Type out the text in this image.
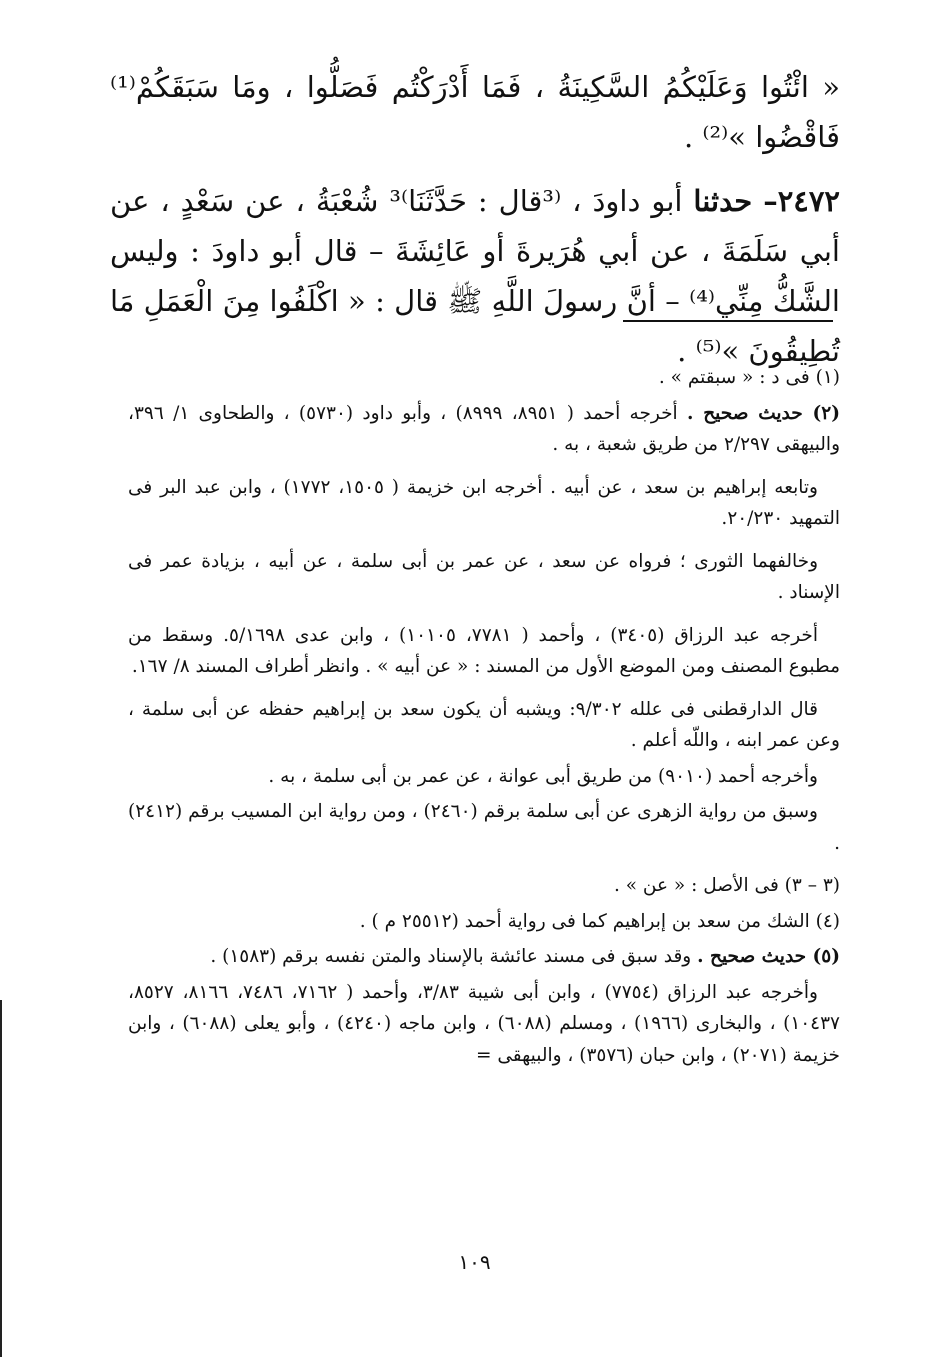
« ائْتُوا وَعَلَيْكُمُ السَّكِينَةُ ، فَمَا أَدْرَكْتُم فَصَلُّوا ، ومَا سَبَقَكُمْ⁽¹⁾ فَاقْضُوا »⁽²⁾ .

٢٤٧٢– حدثنا أبو داودَ ، ⁽³قال : حَدَّثَنَا⁾³ شُعْبَةُ ، عن سَعْدٍ ، عن أبي سَلَمَةَ ، عن أبي هُرَيرةَ أو عَائِشَةَ – قال أبو داودَ : وليس الشَّكُّ مِنِّي⁽⁴⁾ – أنَّ رسولَ اللَّهِ ﷺ قال : « اكْلَفُوا مِنَ الْعَمَلِ مَا تُطِيقُونَ »⁽⁵⁾ .

(١) فى د : « سبقتم » .

(٢) حديث صحيح . أخرجه أحمد ( ٨٩٥١، ٨٩٩٩) ، وأبو داود (٥٧٣٠) ، والطحاوى ١/ ٣٩٦، والبيهقى ٢/٢٩٧ من طريق شعبة ، به .

وتابعه إبراهيم بن سعد ، عن أبيه . أخرجه ابن خزيمة ( ١٥٠٥، ١٧٧٢) ، وابن عبد البر فى التمهيد ٢٠/٢٣٠.

وخالفهما الثورى ؛ فرواه عن سعد ، عن عمر بن أبى سلمة ، عن أبيه ، بزيادة عمر فى الإسناد .

أخرجه عبد الرزاق (٣٤٠٥) ، وأحمد ( ٧٧٨١، ١٠١٠٥) ، وابن عدى ٥/١٦٩٨. وسقط من مطبوع المصنف ومن الموضع الأول من المسند : « عن أبيه » . وانظر أطراف المسند ٨/ ١٦٧.

قال الدارقطنى فى علله ٩/٣٠٢: ويشبه أن يكون سعد بن إبراهيم حفظه عن أبى سلمة ، وعن عمر ابنه ، واللّه أعلم .

وأخرجه أحمد (٩٠١٠) من طريق أبى عوانة ، عن عمر بن أبى سلمة ، به .

وسبق من رواية الزهرى عن أبى سلمة برقم (٢٤٦٠) ، ومن رواية ابن المسيب برقم (٢٤١٢) .

(٣ – ٣) فى الأصل : « عن » .

(٤) الشك من سعد بن إبراهيم كما فى رواية أحمد (٢٥٥١٢ م ) .

(٥) حديث صحيح . وقد سبق فى مسند عائشة بالإسناد والمتن نفسه برقم (١٥٨٣) .

وأخرجه عبد الرزاق (٧٧٥٤) ، وابن أبى شيبة ٣/٨٣، وأحمد ( ٧١٦٢، ٧٤٨٦، ٨١٦٦، ٨٥٢٧، ١٠٤٣٧) ، والبخارى (١٩٦٦) ، ومسلم (٦٠٨٨) ، وابن ماجه (٤٢٤٠) ، وأبو يعلى (٦٠٨٨) ، وابن خزيمة (٢٠٧١) ، وابن حبان (٣٥٧٦) ، والبيهقى =

١٠٩
